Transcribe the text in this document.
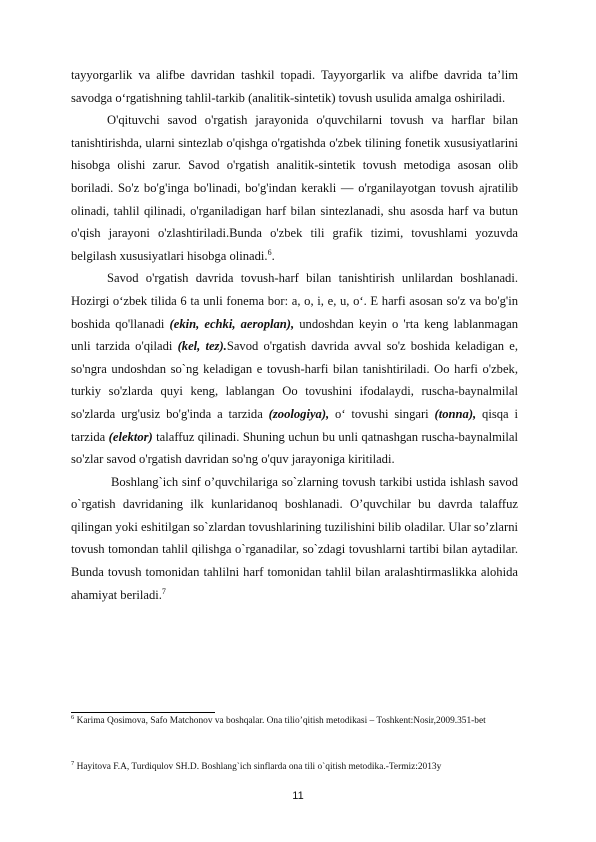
tayyorgarlik va alifbe davridan tashkil topadi. Tayyorgarlik va alifbe davrida ta’lim savodga o‘rgatishning tahlil-tarkib (analitik-sintetik) tovush usulida amalga oshiriladi.

O'qituvchi savod o'rgatish jarayonida o'quvchilarni tovush va harflar bilan tanishtirishda, ularni sintezlab o'qishga o'rgatishda o'zbek tilining fonetik xususiyatlarini hisobga olishi zarur. Savod o'rgatish analitik-sintetik tovush metodiga asosan olib boriladi. So'z bo'g'inga bo'linadi, bo'g'indan kerakli — o'rganilayotgan tovush ajratilib olinadi, tahlil qilinadi, o'rganiladigan harf bilan sintezlanadi, shu asosda harf va butun o'qish jarayoni o'zlashtiriladi.Bunda o'zbek tili grafik tizimi, tovushlami yozuvda belgilash xususiyatlari hisobga olinadi.$^6$.

Savod o'rgatish davrida tovush-harf bilan tanishtirish unlilardan boshlanadi. Hozirgi o‘zbek tilida 6 ta unli fonema bor: a, o, i, e, u, o‘. E harfi asosan so'z va bo'g'in boshida qo'llanadi (ekin, echki, aeroplan), undoshdan keyin o 'rta keng lablanmagan unli tarzida o'qiladi (kel, tez).Savod o'rgatish davrida avval so'z boshida keladigan e, so'ngra undoshdan so`ng keladigan e tovush-harfi bilan tanishtiriladi. Oo harfi o'zbek, turkiy so'zlarda quyi keng, lablangan Oo tovushini ifodalaydi, ruscha-baynalmilal so'zlarda urg'usiz bo'g'inda a tarzida (zoologiya), o‘ tovushi singari (tonna), qisqa i tarzida (elektor) talaffuz qilinadi. Shuning uchun bu unli qatnashgan ruscha-baynalmilal so'zlar savod o'rgatish davridan so'ng o'quv jarayoniga kiritiladi.

Boshlang`ich sinf o’quvchilariga so`zlarning tovush tarkibi ustida ishlash savod o`rgatish davridaning ilk kunlaridanoq boshlanadi. O’quvchilar bu davrda talaffuz qilingan yoki eshitilgan so`zlardan tovushlarining tuzilishini bilib oladilar. Ular so’zlarni tovush tomondan tahlil qilishga o`rganadilar, so`zdagi tovushlarni tartibi bilan aytadilar. Bunda tovush tomonidan tahlilni harf tomonidan tahlil bilan aralashtirmaslikka alohida ahamiyat beriladi.$^7$

$^6$ Karima Qosimova, Safo Matchonov va boshqalar. Ona tilio’qitish metodikasi – Toshkent:Nosir,2009.351-bet
$^7$ Hayitova F.A, Turdiqulov SH.D. Boshlang`ich sinflarda ona tili o`qitish metodika.-Termiz:2013y
11
